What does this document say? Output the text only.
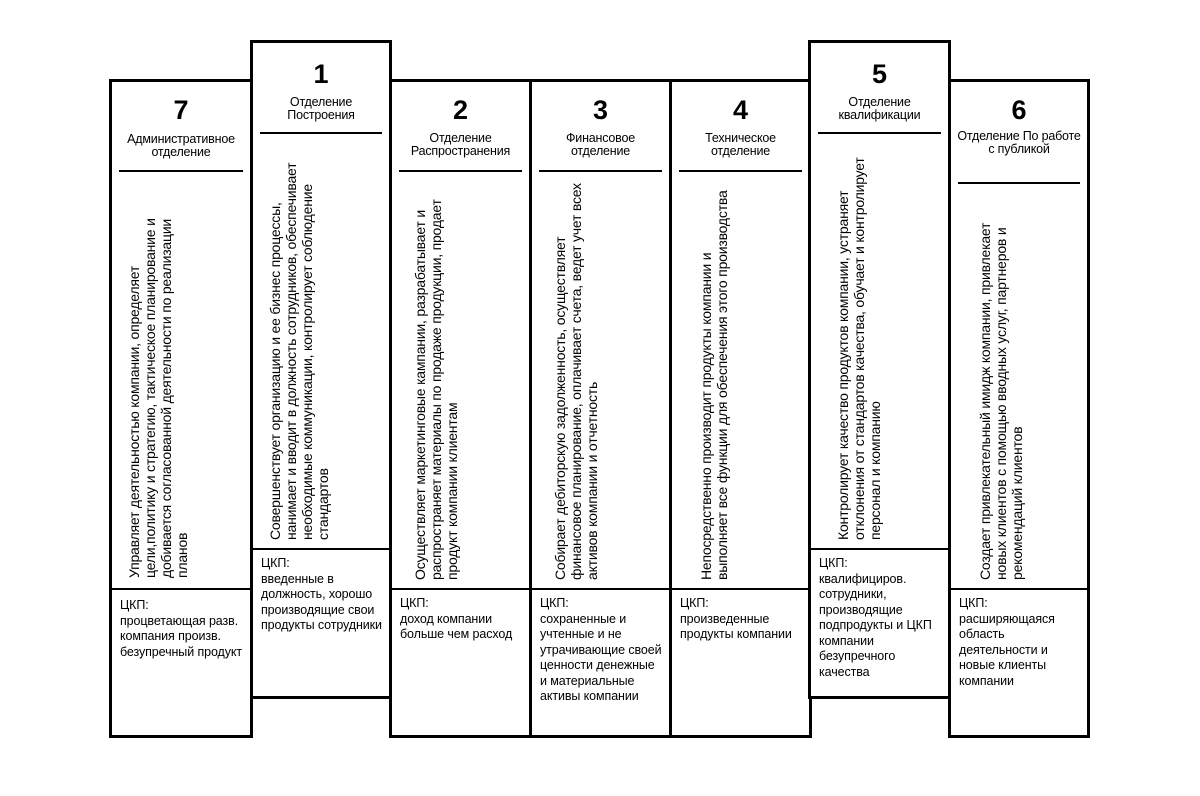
7
Административное отделение
Управляет деятельностью компании, определяет цели,политику и стратегию, тактическое планирование и добивается согласованной деятельности по реализации планов
ЦКП:
процветающая разв. компания произв. безупречный продукт
1
Отделение Построения
Совершенствует организацию и ее бизнес процессы, нанимает и вводит в должность сотрудников, обеспечивает необходимые коммуникации, контролирует соблюдение стандартов
ЦКП:
введенные в должность, хорошо производящие свои продукты сотрудники
2
Отделение Распространения
Осуществляет маркетинговые кампании, разрабатывает и распространяет материалы по продаже продукции, продает продукт компании клиентам
ЦКП:
доход компании больше чем расход
3
Финансовое отделение
Собирает дебиторскую задолженность, осуществляет финансовое планирование, оплачивает счета, ведет учет всех активов компании и отчетность
ЦКП:
сохраненные и учтенные и не утрачивающие своей ценности денежные и материальные активы компании
4
Техническое отделение
Непосредственно производит продукты компании и выполняет все функции для обеспечения этого производства
ЦКП:
произведенные продукты компании
5
Отделение квалификации
Контролирует качество продуктов компании, устраняет отклонения от стандартов качества, обучает и контролирует персонал и компанию
ЦКП:
квалифициров. сотрудники, производящие подпродукты и ЦКП компании безупречного качества
6
Отделение По работе с публикой
Создает привлекательный имидж компании, привлекает новых клиентов с помощью вводных услуг, партнеров и рекомендаций клиентов
ЦКП:
расширяющаяся область деятельности и новые клиенты компании
